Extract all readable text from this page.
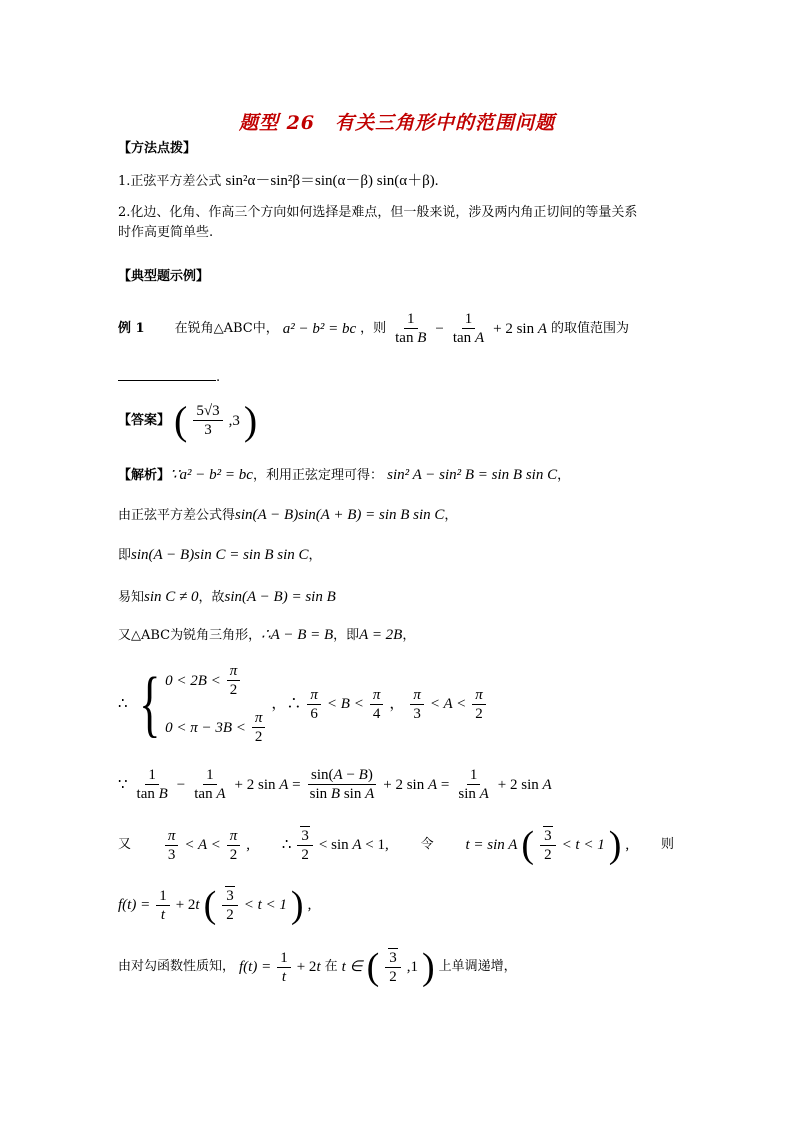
题型 26　有关三角形中的范围问题
【方法点拨】
1.正弦平方差公式 sin²α－sin²β＝sin(α－β) sin(α＋β).
2.化边、化角、作高三个方向如何选择是难点，但一般来说，涉及两内角正切间的等量关系
时作高更简单些.
【典型题示例】
例 1 在锐角△ABC中， a² − b² = bc ，则 $\frac{1}{\text{tan B}} - \frac{1}{\text{tan A}} + 2$ sin A 的取值范围为
.
【答案】 ( $\frac{5√3}{3} ,3$ )
【解析】∵a² − b² = bc，利用正弦定理可得： sin² A − sin² B = sin B sin C，
由正弦平方差公式得sin(A − B)sin(A + B) = sin B sin C，
即sin(A − B)sin C = sin B sin C，
易知sin C ≠ 0，故sin(A − B) = sin B
又△ABC为锐角三角形，∴A − B = B，即A = 2B，
∴ { $0 < 2B < \frac{\pi}{2}$
$0 < \pi - 3B < \frac{\pi}{2}$
，∴ $\frac{\pi}{6} < B < \frac{\pi}{4}$ ， $\frac{\pi}{3} < A < \frac{\pi}{2}$
∵ $\frac{1}{\text{tan B}} - \frac{1}{\text{tan A}} + 2$ $\sin A = \frac{\sin(A - B)}{\text{sin B sin A}} + 2$ $\sin A = \frac{1}{\text{sin A}} + 2$ sin A
又 $\frac{\pi}{3} < A < \frac{\pi}{2}$ , ∴ $\frac{3}{2} < \sin A < 1$, 令 t = sin A ( $\frac{3}{2} < t < 1$ ) , 则
$f(t) = \frac{1}{t} + 2t$ ( $\frac{3}{2} < t < 1$ ) ,
由对勾函数性质知， $f(t) = \frac{1}{t} + 2t$ 在 t ∈ ( $\frac{3}{2} ,1$ ) 上单调递增，
